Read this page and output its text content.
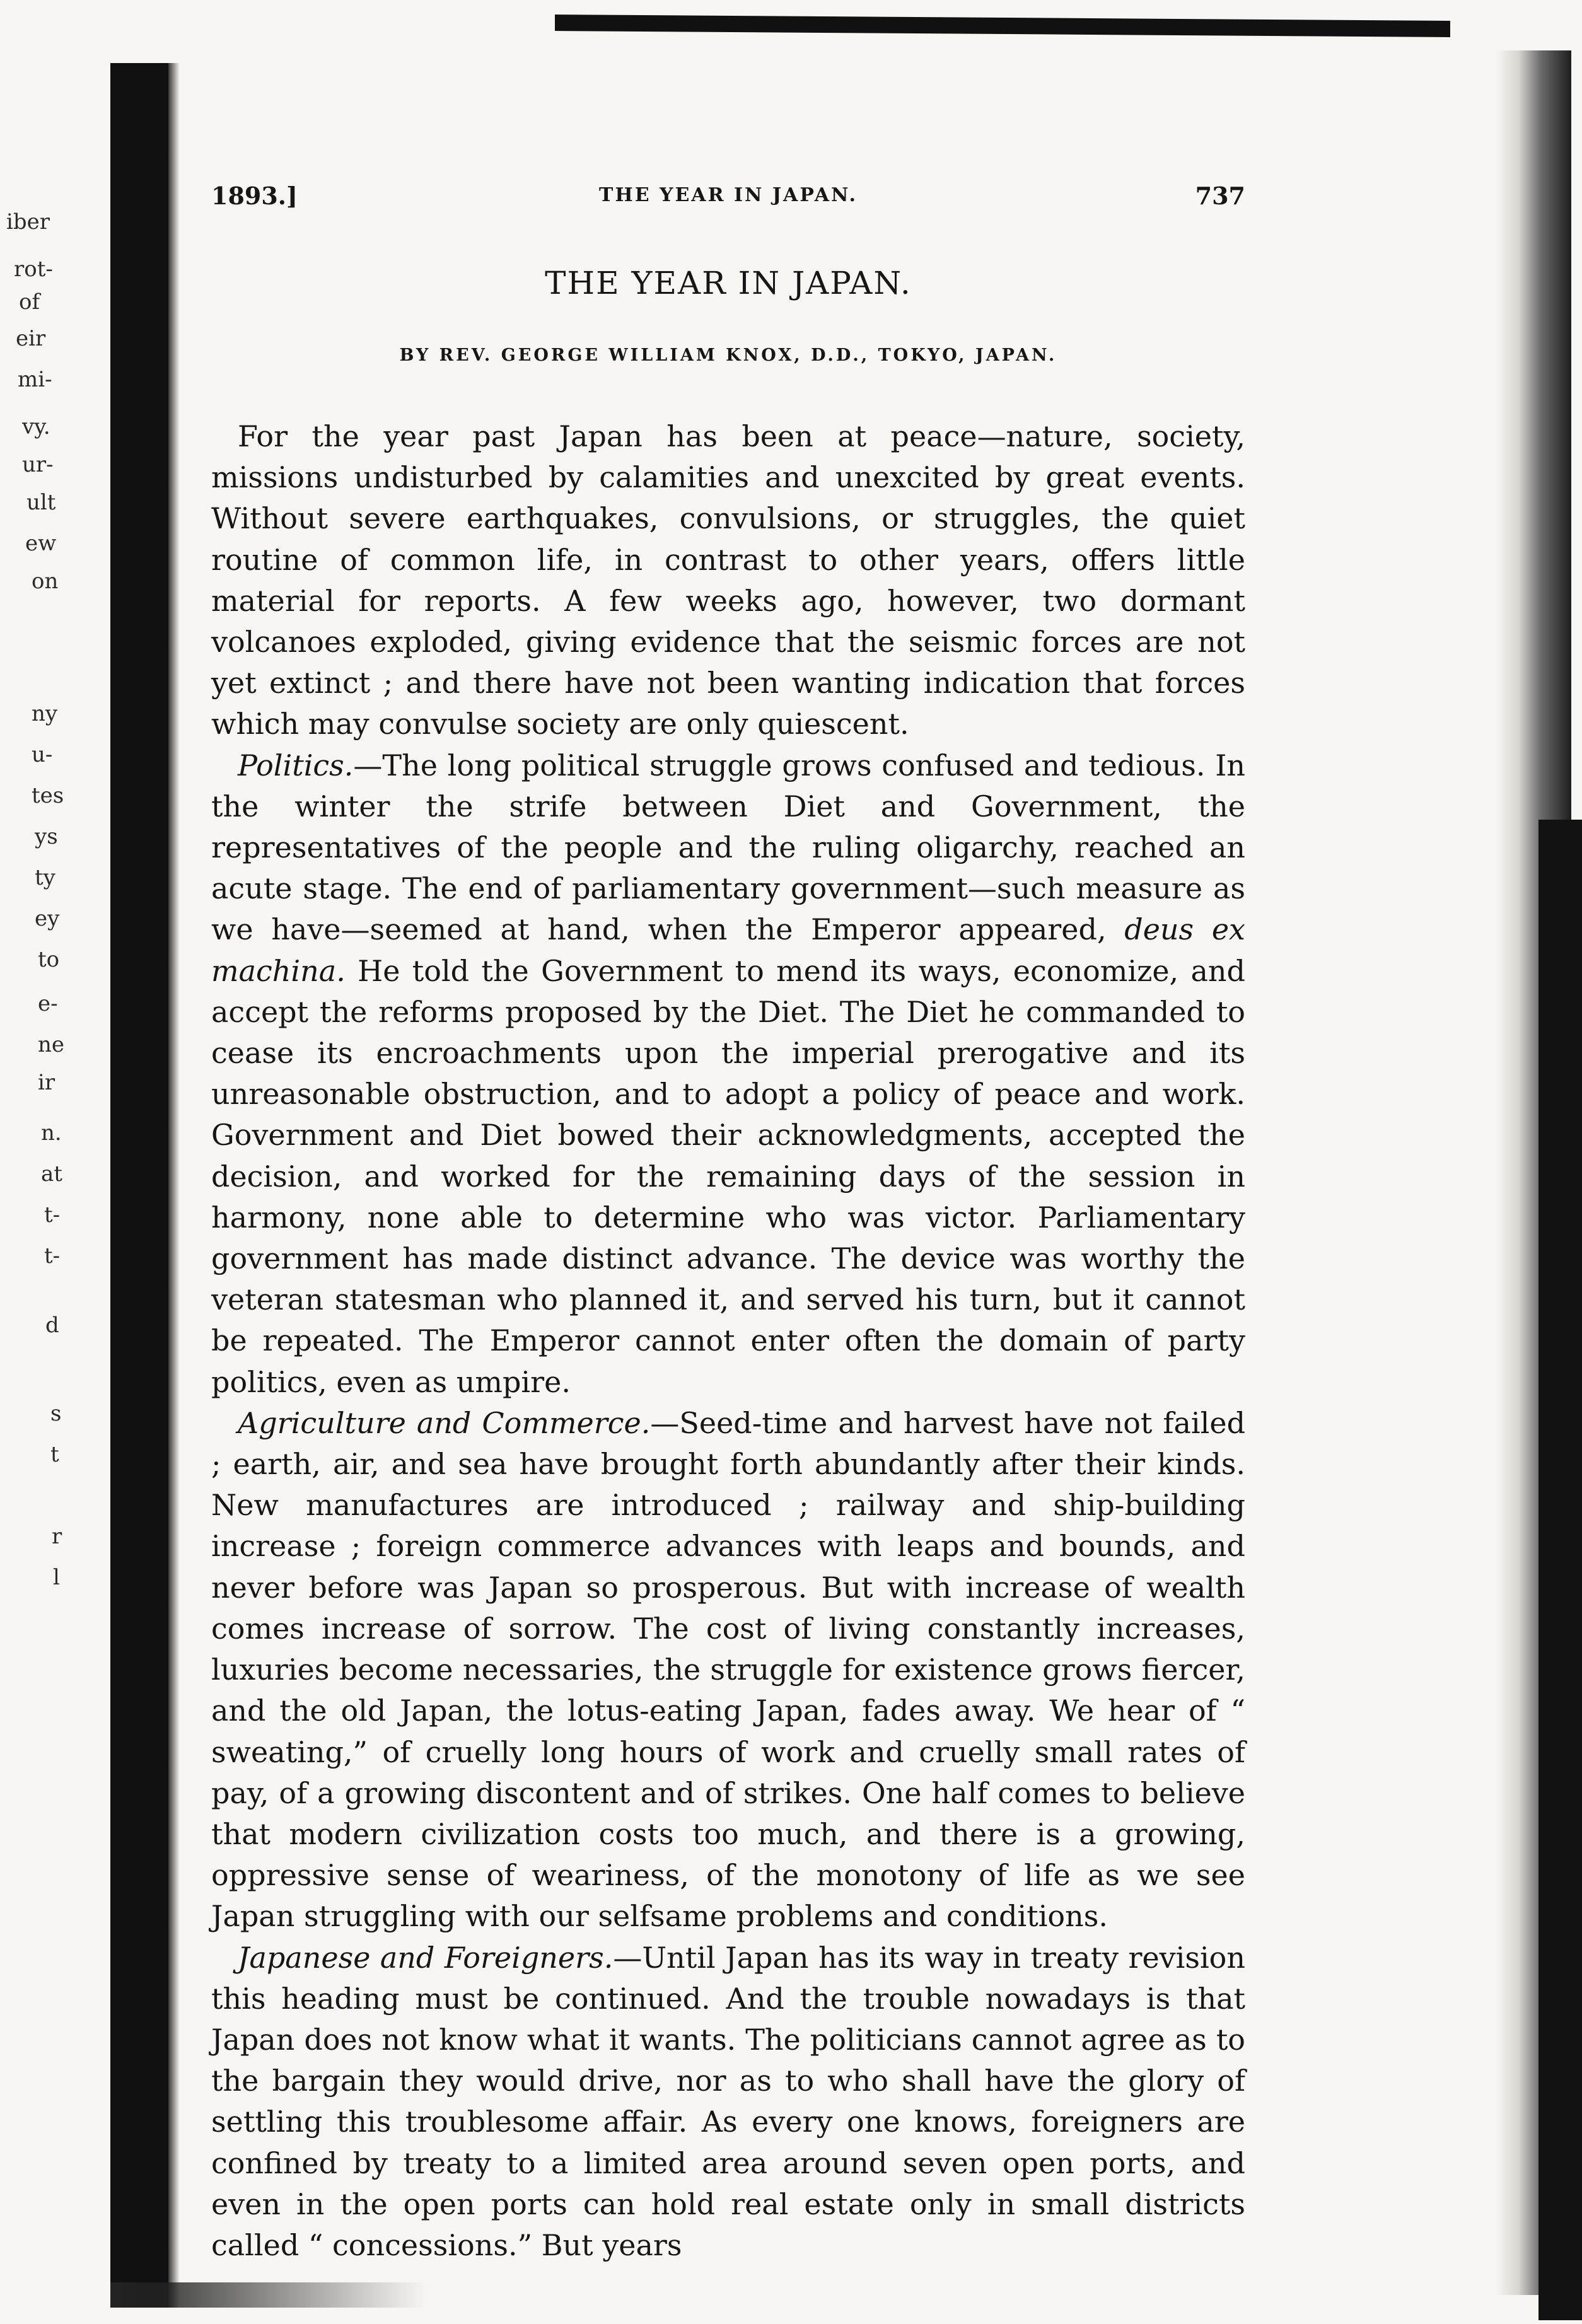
iber
rot-
of
eir
mi-
vy.
ur-
ult
ew
on
ny
u-
tes
ys
ty
ey
to
e-
ne
ir
n.
at
t-
t-
d
s
t
r
l
1893.]	THE YEAR IN JAPAN.	737
THE YEAR IN JAPAN.
BY REV. GEORGE WILLIAM KNOX, D.D., TOKYO, JAPAN.

For the year past Japan has been at peace—nature, society, missions undisturbed by calamities and unexcited by great events. Without severe earthquakes, convulsions, or struggles, the quiet routine of common life, in contrast to other years, offers little material for reports. A few weeks ago, however, two dormant volcanoes exploded, giving evidence that the seismic forces are not yet extinct ; and there have not been wanting indication that forces which may convulse society are only quiescent.

Politics.—The long political struggle grows confused and tedious. In the winter the strife between Diet and Government, the representatives of the people and the ruling oligarchy, reached an acute stage. The end of parliamentary government—such measure as we have—seemed at hand, when the Emperor appeared, deus ex machina. He told the Government to mend its ways, economize, and accept the reforms proposed by the Diet. The Diet he commanded to cease its encroachments upon the imperial prerogative and its unreasonable obstruction, and to adopt a policy of peace and work. Government and Diet bowed their acknowledgments, accepted the decision, and worked for the remaining days of the session in harmony, none able to determine who was victor. Parliamentary government has made distinct advance. The device was worthy the veteran statesman who planned it, and served his turn, but it cannot be repeated. The Emperor cannot enter often the domain of party politics, even as umpire.

Agriculture and Commerce.—Seed-time and harvest have not failed ; earth, air, and sea have brought forth abundantly after their kinds. New manufactures are introduced ; railway and ship-building increase ; foreign commerce advances with leaps and bounds, and never before was Japan so prosperous. But with increase of wealth comes increase of sorrow. The cost of living constantly increases, luxuries become necessaries, the struggle for existence grows fiercer, and the old Japan, the lotus-eating Japan, fades away. We hear of “ sweating,” of cruelly long hours of work and cruelly small rates of pay, of a growing discontent and of strikes. One half comes to believe that modern civilization costs too much, and there is a growing, oppressive sense of weariness, of the monotony of life as we see Japan struggling with our selfsame problems and conditions.

Japanese and Foreigners.—Until Japan has its way in treaty revision this heading must be continued. And the trouble nowadays is that Japan does not know what it wants. The politicians cannot agree as to the bargain they would drive, nor as to who shall have the glory of settling this troublesome affair. As every one knows, foreigners are confined by treaty to a limited area around seven open ports, and even in the open ports can hold real estate only in small districts called “ concessions.” But years
